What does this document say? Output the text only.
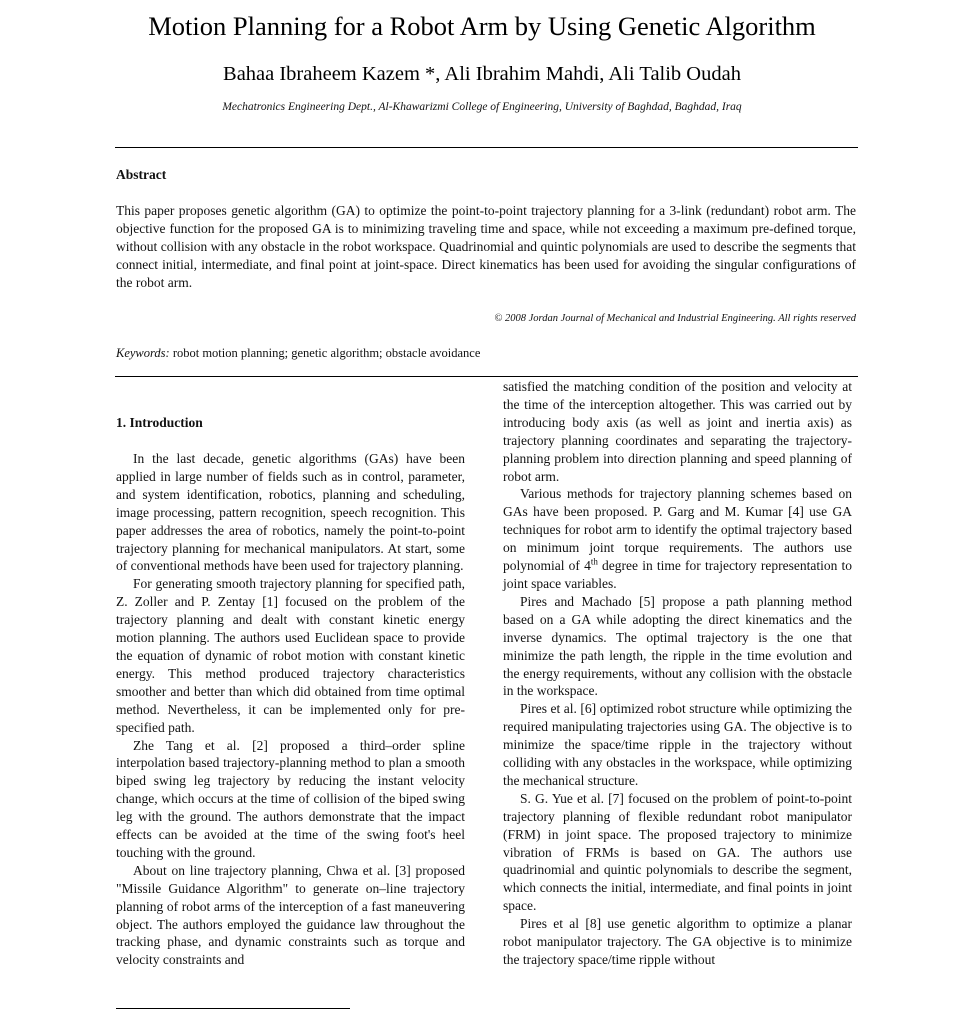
Motion Planning for a Robot Arm by Using Genetic Algorithm
Bahaa Ibraheem Kazem *, Ali Ibrahim Mahdi, Ali Talib Oudah
Mechatronics Engineering Dept., Al-Khawarizmi College of Engineering, University of Baghdad, Baghdad, Iraq
Abstract

This paper proposes genetic algorithm (GA) to optimize the point-to-point trajectory planning for a 3-link (redundant) robot arm. The objective function for the proposed GA is to minimizing traveling time and space, while not exceeding a maximum pre-defined torque, without collision with any obstacle in the robot workspace. Quadrinomial and quintic polynomials are used to describe the segments that connect initial, intermediate, and final point at joint-space. Direct kinematics has been used for avoiding the singular configurations of the robot arm.

© 2008 Jordan Journal of Mechanical and Industrial Engineering. All rights reserved
Keywords: robot motion planning; genetic algorithm; obstacle avoidance
1. Introduction

In the last decade, genetic algorithms (GAs) have been applied in large number of fields such as in control, parameter, and system identification, robotics, planning and scheduling, image processing, pattern recognition, speech recognition. This paper addresses the area of robotics, namely the point-to-point trajectory planning for mechanical manipulators. At start, some of conventional methods have been used for trajectory planning.

For generating smooth trajectory planning for specified path, Z. Zoller and P. Zentay [1] focused on the problem of the trajectory planning and dealt with constant kinetic energy motion planning. The authors used Euclidean space to provide the equation of dynamic of robot motion with constant kinetic energy. This method produced trajectory characteristics smoother and better than which did obtained from time optimal method. Nevertheless, it can be implemented only for pre-specified path.

Zhe Tang et al. [2] proposed a third–order spline interpolation based trajectory-planning method to plan a smooth biped swing leg trajectory by reducing the instant velocity change, which occurs at the time of collision of the biped swing leg with the ground. The authors demonstrate that the impact effects can be avoided at the time of the swing foot's heel touching with the ground.

About on line trajectory planning, Chwa et al. [3] proposed "Missile Guidance Algorithm" to generate on–line trajectory planning of robot arms of the interception of a fast maneuvering object. The authors employed the guidance law throughout the tracking phase, and dynamic constraints such as torque and velocity constraints and

satisfied the matching condition of the position and velocity at the time of the interception altogether. This was carried out by introducing body axis (as well as joint and inertia axis) as trajectory planning coordinates and separating the trajectory-planning problem into direction planning and speed planning of robot arm.

Various methods for trajectory planning schemes based on GAs have been proposed. P. Garg and M. Kumar [4] use GA techniques for robot arm to identify the optimal trajectory based on minimum joint torque requirements. The authors use polynomial of 4th degree in time for trajectory representation to joint space variables.

Pires and Machado [5] propose a path planning method based on a GA while adopting the direct kinematics and the inverse dynamics. The optimal trajectory is the one that minimize the path length, the ripple in the time evolution and the energy requirements, without any collision with the obstacle in the workspace.

Pires et al. [6] optimized robot structure while optimizing the required manipulating trajectories using GA. The objective is to minimize the space/time ripple in the trajectory without colliding with any obstacles in the workspace, while optimizing the mechanical structure.

S. G. Yue et al. [7] focused on the problem of point-to-point trajectory planning of flexible redundant robot manipulator (FRM) in joint space. The proposed trajectory to minimize vibration of FRMs is based on GA. The authors use quadrinomial and quintic polynomials to describe the segment, which connects the initial, intermediate, and final points in joint space.

Pires et al [8] use genetic algorithm to optimize a planar robot manipulator trajectory. The GA objective is to minimize the trajectory space/time ripple without
